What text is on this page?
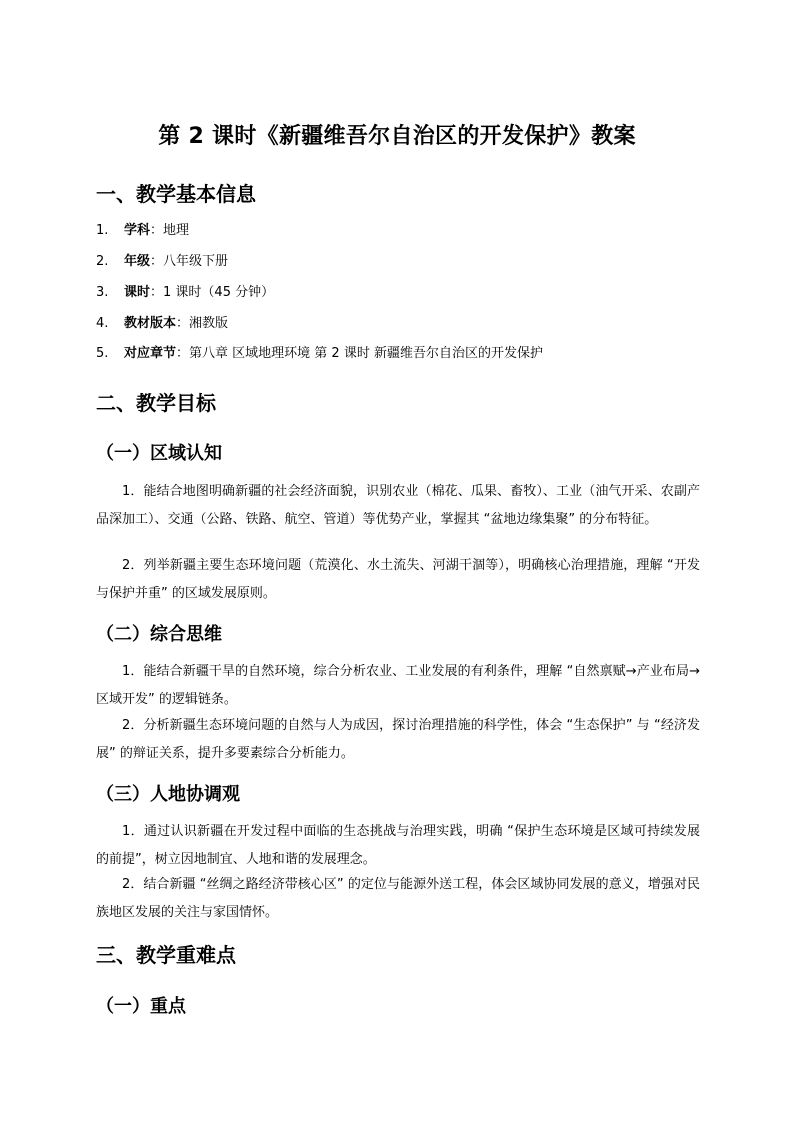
第 2 课时《新疆维吾尔自治区的开发保护》教案
一、教学基本信息
1. 学科：地理
2. 年级：八年级下册
3. 课时：1 课时（45 分钟）
4. 教材版本：湘教版
5. 对应章节：第八章 区域地理环境 第 2 课时 新疆维吾尔自治区的开发保护
二、教学目标
（一）区域认知
1．能结合地图明确新疆的社会经济面貌，识别农业（棉花、瓜果、畜牧）、工业（油气开采、农副产品深加工）、交通（公路、铁路、航空、管道）等优势产业，掌握其 “盆地边缘集聚” 的分布特征。
2．列举新疆主要生态环境问题（荒漠化、水土流失、河湖干涸等），明确核心治理措施，理解 “开发与保护并重” 的区域发展原则。
（二）综合思维
1．能结合新疆干旱的自然环境，综合分析农业、工业发展的有利条件，理解 “自然禀赋→产业布局→区域开发” 的逻辑链条。
2．分析新疆生态环境问题的自然与人为成因，探讨治理措施的科学性，体会 “生态保护” 与 “经济发展” 的辩证关系，提升多要素综合分析能力。
（三）人地协调观
1．通过认识新疆在开发过程中面临的生态挑战与治理实践，明确 “保护生态环境是区域可持续发展的前提”，树立因地制宜、人地和谐的发展理念。
2．结合新疆 “丝绸之路经济带核心区” 的定位与能源外送工程，体会区域协同发展的意义，增强对民族地区发展的关注与家国情怀。
三、教学重难点
（一）重点
